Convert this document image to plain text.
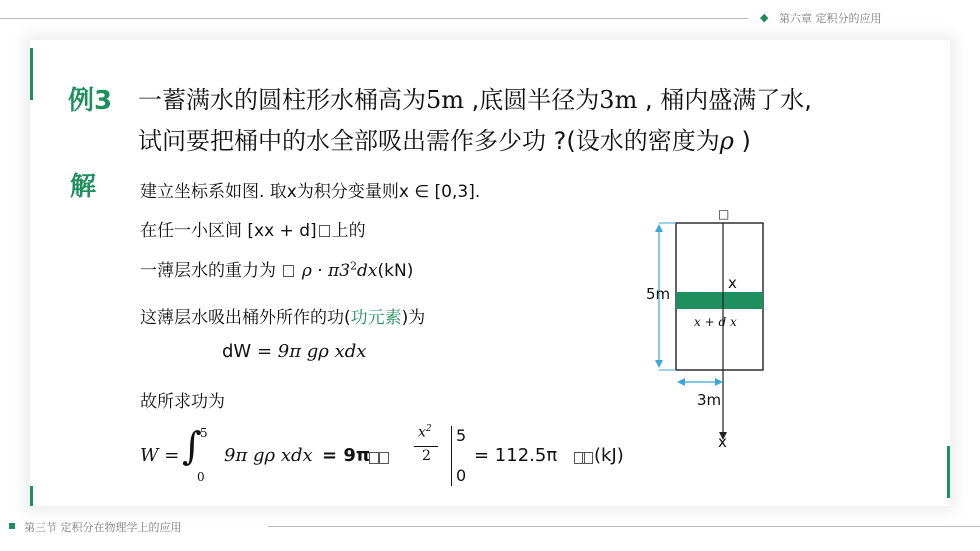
◆ 第六章 定积分的应用
例3 一蓄满水的圆柱形水桶高为5m ,底圆半径为3m , 桶内盛满了水,
试问要把桶中的水全部吸出需作多少功 ?(设水的密度为ρ )
解	建立坐标系如图. 取x为积分变量则x ∈ [0,3].
在任一小区间 [xx + d] 上的
一薄层水的重力为 $\rho \cdot \pi 3^2dx(kN)$
这薄层水吸出桶外所作的功(功元素)为
dW = 9π gρ xdx
故所求功为
W = ∫
5
0
9π gρ xdx = 9π
$x^2$
2
5
0
= 112.5π (kJ)
□
5m
x
x + d x
3m
x
第三节 定积分在物理学上的应用
